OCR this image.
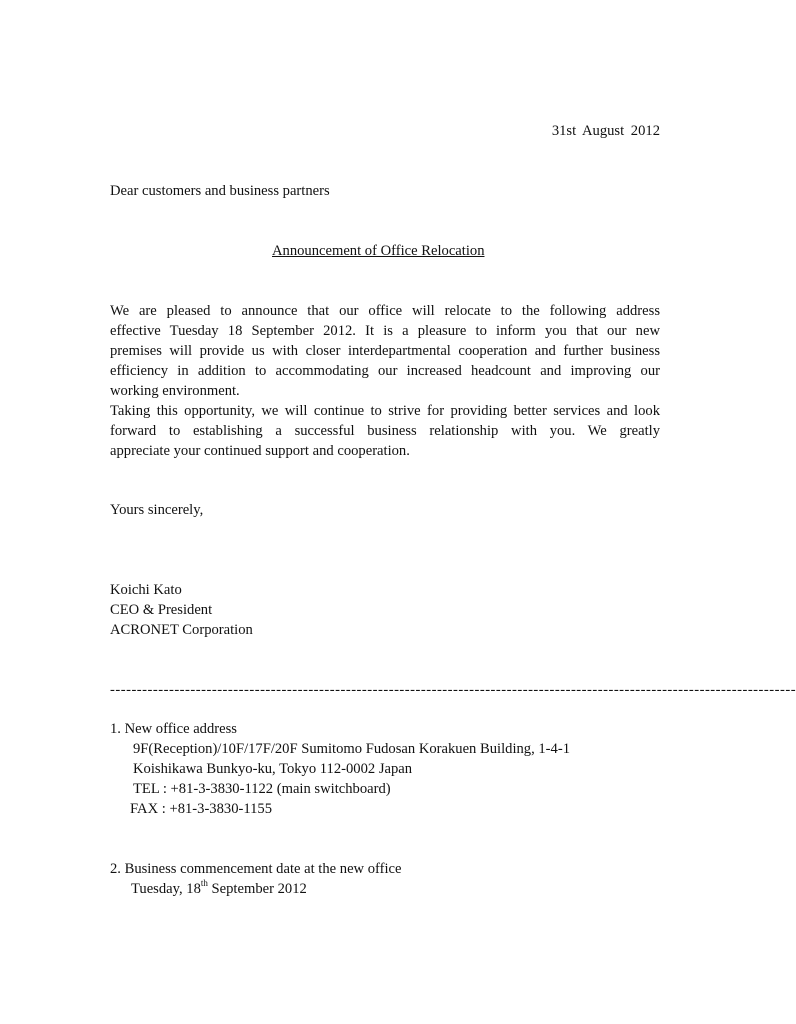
31st August 2012
Dear customers and business partners
Announcement of Office Relocation
We are pleased to announce that our office will relocate to the following address
effective Tuesday 18 September 2012. It is a pleasure to inform you that our new
premises will provide us with closer interdepartmental cooperation and further business
efficiency in addition to accommodating our increased headcount and improving our
working environment.
Taking this opportunity, we will continue to strive for providing better services and look
forward to establishing a successful business relationship with you. We greatly
appreciate your continued support and cooperation.
Yours sincerely,
Koichi Kato
CEO & President
ACRONET Corporation
--------------------------------------------------------------------------------------------------------------------------------
1. New office address
9F(Reception)/10F/17F/20F Sumitomo Fudosan Korakuen Building, 1-4-1
Koishikawa Bunkyo-ku, Tokyo 112-0002 Japan
TEL : +81-3-3830-1122 (main switchboard)
FAX : +81-3-3830-1155
2. Business commencement date at the new office
Tuesday, 18th September 2012
